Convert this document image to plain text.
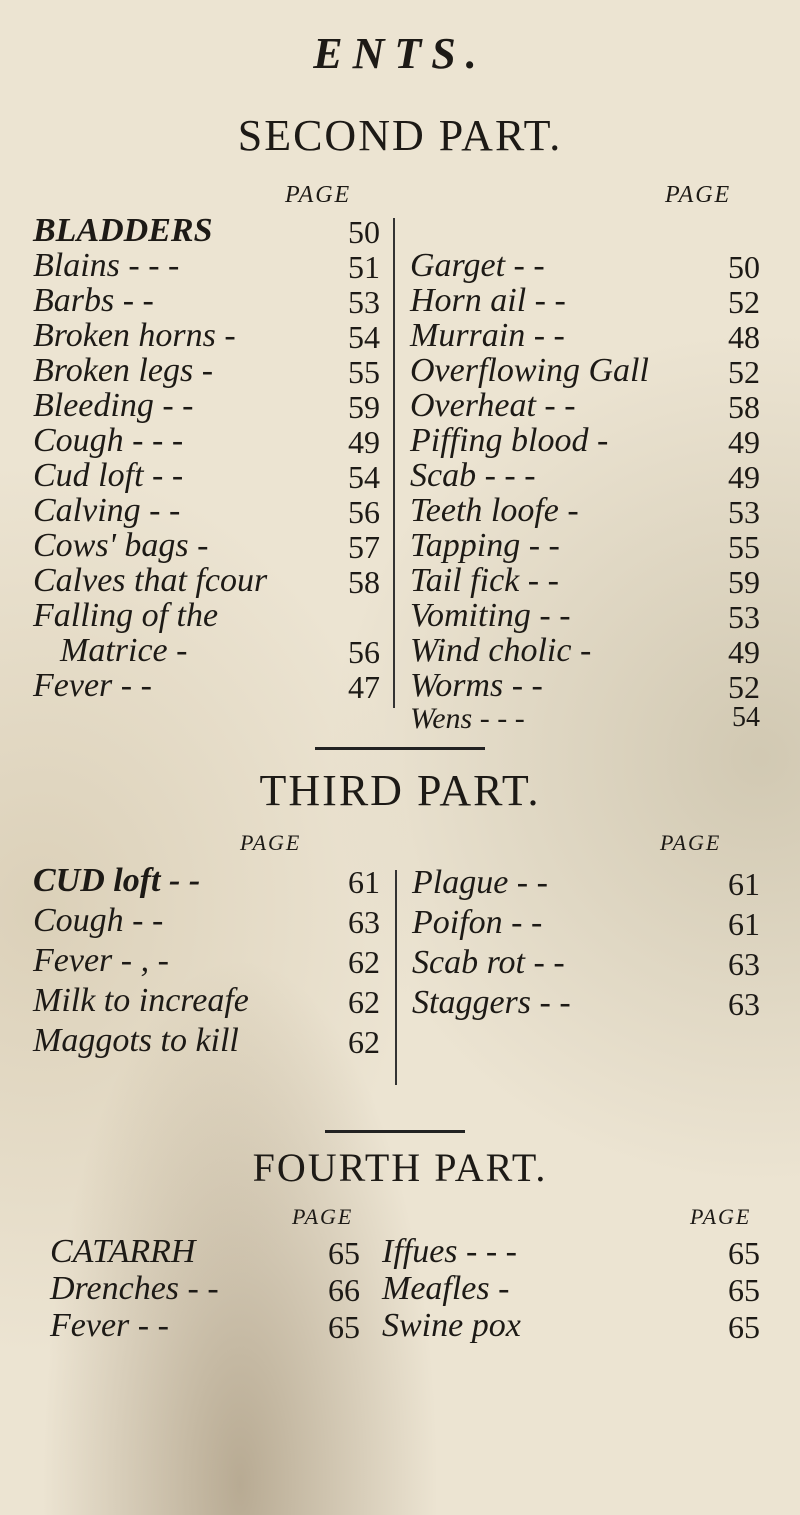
ENTS.
SECOND PART.
PAGE	PAGE
BLADDERS	50
Blains - - -	51
Barbs - -	53
Broken horns -	54
Broken legs -	55
Bleeding - -	59
Cough - - -	49
Cud loft - -	54
Calving - -	56
Cows' bags -	57
Calves that fcour	58
Falling of the
Matrice -	56
Fever - -	47
Garget - -	50
Horn ail - -	52
Murrain - -	48
Overflowing Gall	52
Overheat - -	58
Piffing blood -	49
Scab - - -	49
Teeth loofe -	53
Tapping - -	55
Tail fick - -	59
Vomiting - -	53
Wind cholic -	49
Worms - -	52
Wens - - -	54
THIRD PART.
PAGE	PAGE
CUD loft - -	61
Cough - -	63
Fever - , -	62
Milk to increafe	62
Maggots to kill	62
Plague - -	61
Poifon - -	61
Scab rot - -	63
Staggers - -	63
FOURTH PART.
PAGE	PAGE
CATARRH	65
Drenches - -	66
Fever - -	65
Iffues - - -	65
Meafles -	65
Swine pox	65
